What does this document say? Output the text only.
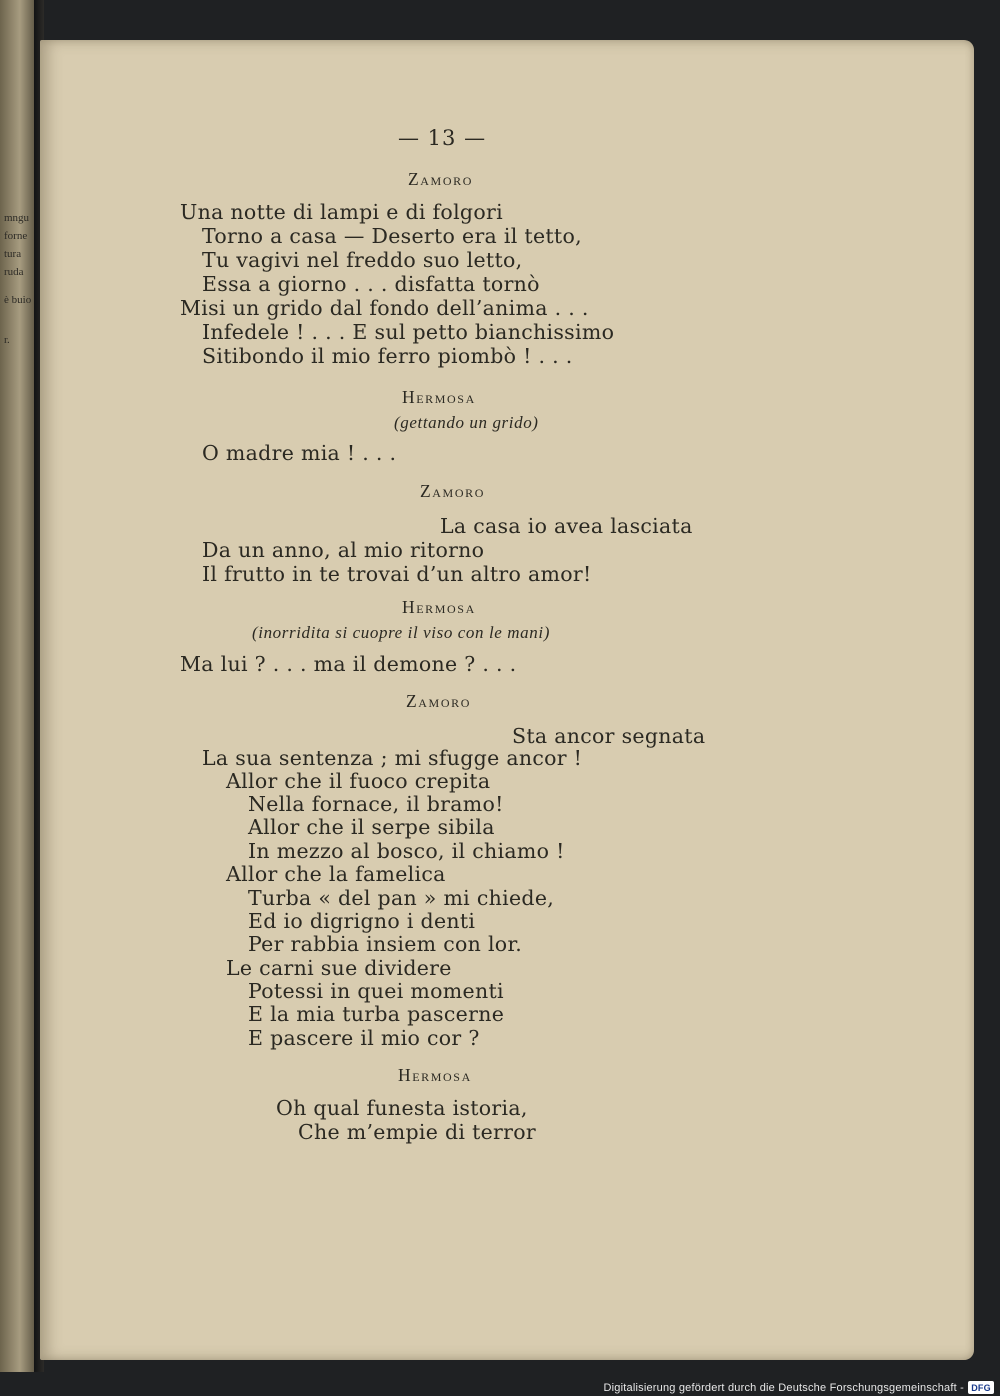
mngu
forne
tura
ruda
è buio
r.
— 13 —
Zamoro
Una notte di lampi e di folgori
Torno a casa — Deserto era il tetto,
Tu vagivi nel freddo suo letto,
Essa a giorno . . . disfatta tornò
Misi un grido dal fondo dell’anima . . .
Infedele ! . . . E sul petto bianchissimo
Sitibondo il mio ferro piombò ! . . .
Hermosa
(gettando un grido)
O madre mia ! . . .
Zamoro
La casa io avea lasciata
Da un anno, al mio ritorno
Il frutto in te trovai d’un altro amor!
Hermosa
(inorridita si cuopre il viso con le mani)
Ma lui ? . . . ma il demone ? . . .
Zamoro
Sta ancor segnata
La sua sentenza ; mi sfugge ancor !
Allor che il fuoco crepita
Nella fornace, il bramo!
Allor che il serpe sibila
In mezzo al bosco, il chiamo !
Allor che la famelica
Turba « del pan » mi chiede,
Ed io digrigno i denti
Per rabbia insiem con lor.
Le carni sue dividere
Potessi in quei momenti
E la mia turba pascerne
E pascere il mio cor ?
Hermosa
Oh qual funesta istoria,
Che m’empie di terror
Digitalisierung gefördert durch die Deutsche Forschungsgemeinschaft - DFG
